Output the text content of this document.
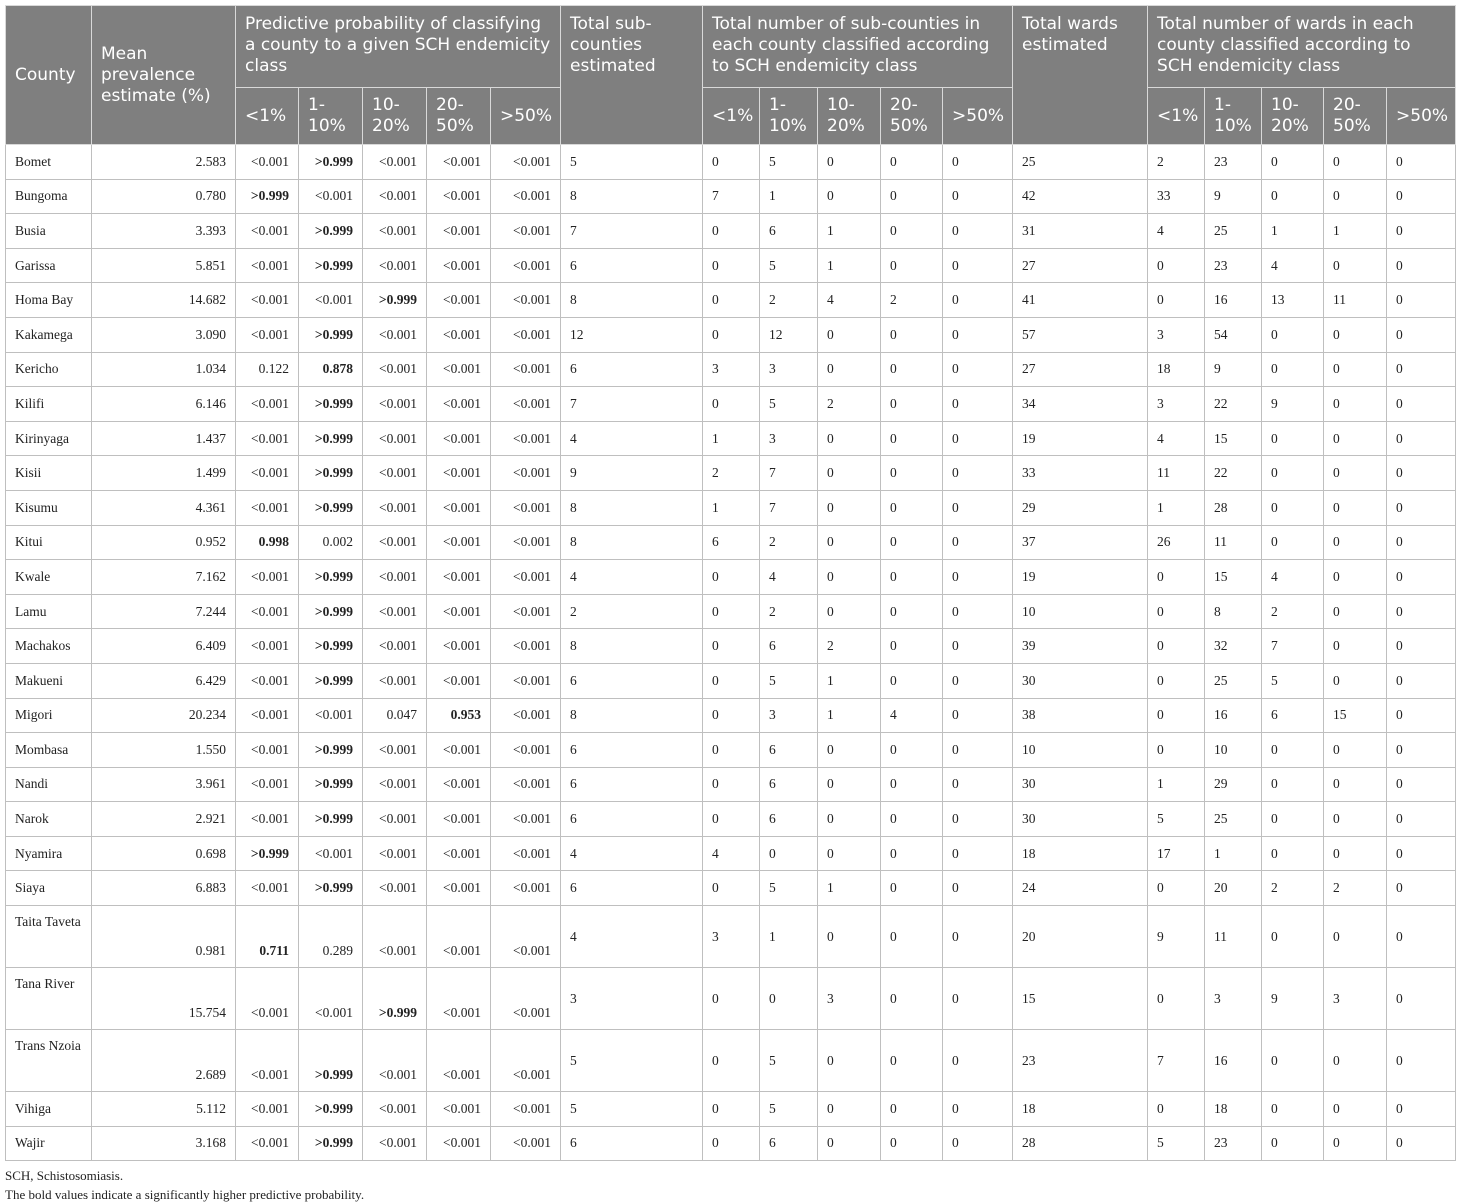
County	Mean prevalence estimate (%)	Predictive probability of classifying a county to a given SCH endemicity class					Total sub-counties estimated	Total number of sub-counties in each county classified according to SCH endemicity class					Total wards estimated	Total number of wards in each county classified according to SCH endemicity class				
		<1%	1-10%	10-20%	20-50%	>50%		<1%	1-10%	10-20%	20-50%	>50%		<1%	1-10%	10-20%	20-50%	>50%
Bomet	2.583	<0.001	>0.999	<0.001	<0.001	<0.001	5	0	5	0	0	0	25	2	23	0	0	0
Bungoma	0.780	>0.999	<0.001	<0.001	<0.001	<0.001	8	7	1	0	0	0	42	33	9	0	0	0
Busia	3.393	<0.001	>0.999	<0.001	<0.001	<0.001	7	0	6	1	0	0	31	4	25	1	1	0
Garissa	5.851	<0.001	>0.999	<0.001	<0.001	<0.001	6	0	5	1	0	0	27	0	23	4	0	0
Homa Bay	14.682	<0.001	<0.001	>0.999	<0.001	<0.001	8	0	2	4	2	0	41	0	16	13	11	0
Kakamega	3.090	<0.001	>0.999	<0.001	<0.001	<0.001	12	0	12	0	0	0	57	3	54	0	0	0
Kericho	1.034	0.122	0.878	<0.001	<0.001	<0.001	6	3	3	0	0	0	27	18	9	0	0	0
Kilifi	6.146	<0.001	>0.999	<0.001	<0.001	<0.001	7	0	5	2	0	0	34	3	22	9	0	0
Kirinyaga	1.437	<0.001	>0.999	<0.001	<0.001	<0.001	4	1	3	0	0	0	19	4	15	0	0	0
Kisii	1.499	<0.001	>0.999	<0.001	<0.001	<0.001	9	2	7	0	0	0	33	11	22	0	0	0
Kisumu	4.361	<0.001	>0.999	<0.001	<0.001	<0.001	8	1	7	0	0	0	29	1	28	0	0	0
Kitui	0.952	0.998	0.002	<0.001	<0.001	<0.001	8	6	2	0	0	0	37	26	11	0	0	0
Kwale	7.162	<0.001	>0.999	<0.001	<0.001	<0.001	4	0	4	0	0	0	19	0	15	4	0	0
Lamu	7.244	<0.001	>0.999	<0.001	<0.001	<0.001	2	0	2	0	0	0	10	0	8	2	0	0
Machakos	6.409	<0.001	>0.999	<0.001	<0.001	<0.001	8	0	6	2	0	0	39	0	32	7	0	0
Makueni	6.429	<0.001	>0.999	<0.001	<0.001	<0.001	6	0	5	1	0	0	30	0	25	5	0	0
Migori	20.234	<0.001	<0.001	0.047	0.953	<0.001	8	0	3	1	4	0	38	0	16	6	15	0
Mombasa	1.550	<0.001	>0.999	<0.001	<0.001	<0.001	6	0	6	0	0	0	10	0	10	0	0	0
Nandi	3.961	<0.001	>0.999	<0.001	<0.001	<0.001	6	0	6	0	0	0	30	1	29	0	0	0
Narok	2.921	<0.001	>0.999	<0.001	<0.001	<0.001	6	0	6	0	0	0	30	5	25	0	0	0
Nyamira	0.698	>0.999	<0.001	<0.001	<0.001	<0.001	4	4	0	0	0	0	18	17	1	0	0	0
Siaya	6.883	<0.001	>0.999	<0.001	<0.001	<0.001	6	0	5	1	0	0	24	0	20	2	2	0
Taita Taveta	0.981	0.711	0.289	<0.001	<0.001	<0.001	4	3	1	0	0	0	20	9	11	0	0	0
Tana River	15.754	<0.001	<0.001	>0.999	<0.001	<0.001	3	0	0	3	0	0	15	0	3	9	3	0
Trans Nzoia	2.689	<0.001	>0.999	<0.001	<0.001	<0.001	5	0	5	0	0	0	23	7	16	0	0	0
Vihiga	5.112	<0.001	>0.999	<0.001	<0.001	<0.001	5	0	5	0	0	0	18	0	18	0	0	0
Wajir	3.168	<0.001	>0.999	<0.001	<0.001	<0.001	6	0	6	0	0	0	28	5	23	0	0	0
SCH, Schistosomiasis.
The bold values indicate a significantly higher predictive probability.
